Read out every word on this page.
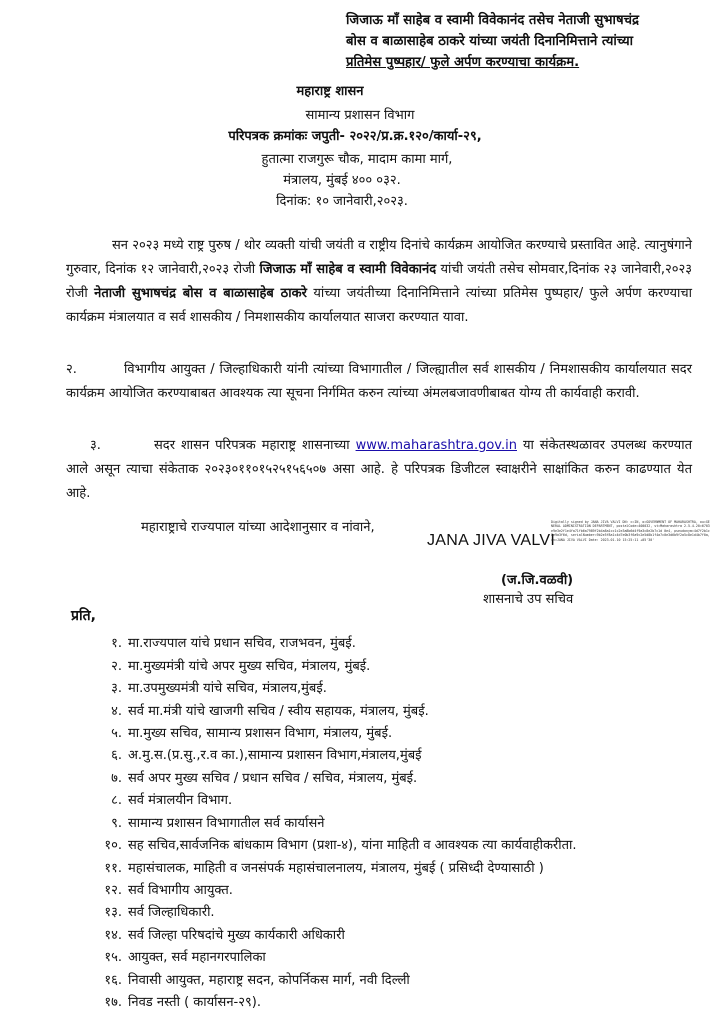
जिजाऊ माँ साहेब व स्वामी विवेकानंद तसेच नेताजी सुभाषचंद्र
बोस व बाळासाहेब ठाकरे यांच्या जयंती दिनानिमित्ताने त्यांच्या
प्रतिमेस पुष्पहार/ फुले अर्पण करण्याचा कार्यक्रम.
महाराष्ट्र शासन
सामान्य प्रशासन विभाग
परिपत्रक क्रमांकः जपुती- २०२२/प्र.क्र.१२०/कार्या-२९,
हुतात्मा राजगुरू चौक, मादाम कामा मार्ग,
मंत्रालय, मुंबई ४०० ०३२.
दिनांक: १० जानेवारी,२०२३.
सन २०२३ मध्ये राष्ट्र पुरुष / थोर व्यक्ती यांची जयंती व राष्ट्रीय दिनांचे कार्यक्रम आयोजित करण्याचे प्रस्तावित आहे. त्यानुषंगाने गुरुवार, दिनांक १२ जानेवारी,२०२३ रोजी जिजाऊ माँ साहेब व स्वामी विवेकानंद यांची जयंती तसेच सोमवार,दिनांक २३ जानेवारी,२०२३ रोजी नेताजी सुभाषचंद्र बोस व बाळासाहेब ठाकरे यांच्या जयंतीच्या दिनानिमित्ताने त्यांच्या प्रतिमेस पुष्पहार/ फुले अर्पण करण्याचा कार्यक्रम मंत्रालयात व सर्व शासकीय / निमशासकीय कार्यालयात साजरा करण्यात यावा.
२.	विभागीय आयुक्त / जिल्हाधिकारी यांनी त्यांच्या विभागातील / जिल्ह्यातील सर्व शासकीय / निमशासकीय कार्यालयात सदर कार्यक्रम आयोजित करण्याबाबत आवश्यक त्या सूचना निर्गमित करुन त्यांच्या अंमलबजावणीबाबत योग्य ती कार्यवाही करावी.
३.	सदर शासन परिपत्रक महाराष्ट्र शासनाच्या www.maharashtra.gov.in या संकेतस्थळावर उपलब्ध करण्यात आले असून त्याचा संकेताक २०२३०११०१५२५१५६५०७ असा आहे. हे परिपत्रक डिजीटल स्वाक्षरीने साक्षांकित करुन काढण्यात येत आहे.
महाराष्ट्राचे राज्यपाल यांच्या आदेशानुसार व नांवाने,
JANA JIVA VALVI
Digitally signed by JANA JIVA VALVI DN: c=IN, o=GOVERNMENT OF MAHARASHTRA, ou=GENERAL ADMINISTRATION DEPARTMENT, postalCode=400032, st=Maharashtra 2.5.4.20=6703e9e3e2f1e4fa71fb6a7989f2b4a8a1cc1c2e3a8b6d4f9a3c8e2b7c1d 0e4, pseudonym=4d7f2b1c8e9a3f6d, serialNumber=9b2e5f8a1c4d7e0b3f6a9c2e5d8b1f4a7c0e3d6b9f2a5c8e1d4b7f0a, cn=JANA JIVA VALVI Date: 2023.01.10 15:25:11 +05'30'
(ज.जि.वळवी)
शासनाचे उप सचिव
प्रति,
१. मा.राज्यपाल यांचे प्रधान सचिव, राजभवन, मुंबई.
२. मा.मुख्यमंत्री यांचे अपर मुख्य सचिव, मंत्रालय, मुंबई.
३. मा.उपमुख्यमंत्री यांचे सचिव, मंत्रालय,मुंबई.
४. सर्व मा.मंत्री यांचे खाजगी सचिव / स्वीय सहायक, मंत्रालय, मुंबई.
५. मा.मुख्य सचिव, सामान्य प्रशासन विभाग, मंत्रालय, मुंबई.
६. अ.मु.स.(प्र.सु.,र.व का.),सामान्य प्रशासन विभाग,मंत्रालय,मुंबई
७. सर्व अपर मुख्य सचिव / प्रधान सचिव / सचिव, मंत्रालय, मुंबई.
८. सर्व मंत्रालयीन विभाग.
९. सामान्य प्रशासन विभागातील सर्व कार्यासने
१०. सह सचिव,सार्वजनिक बांधकाम विभाग (प्रशा-४), यांना माहिती व आवश्यक त्या कार्यवाहीकरीता.
११. महासंचालक, माहिती व जनसंपर्क महासंचालनालय, मंत्रालय, मुंबई ( प्रसिध्दी देण्यासाठी )
१२. सर्व विभागीय आयुक्त.
१३. सर्व जिल्हाधिकारी.
१४. सर्व जिल्हा परिषदांचे मुख्य कार्यकारी अधिकारी
१५. आयुक्त, सर्व महानगरपालिका
१६. निवासी आयुक्त, महाराष्ट्र सदन, कोपर्निकस मार्ग, नवी दिल्ली
१७. निवड नस्ती ( कार्यासन-२९).
